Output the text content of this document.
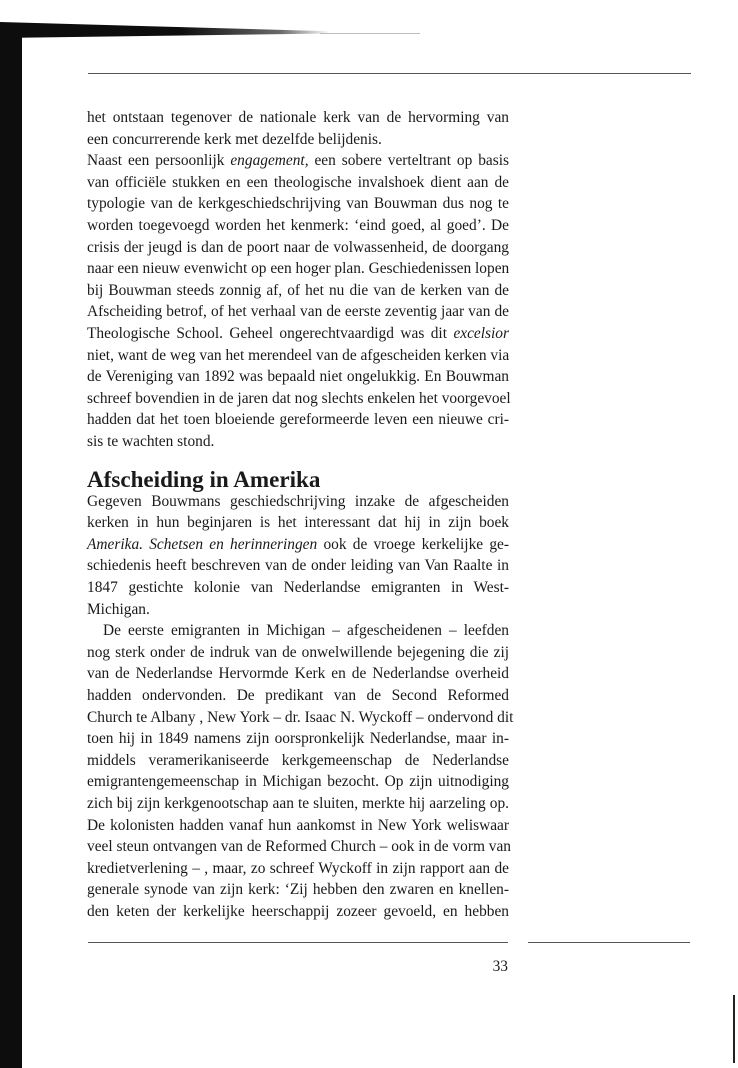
het ontstaan tegenover de nationale kerk van de hervorming van
een concurrerende kerk met dezelfde belijdenis.

Naast een persoonlijk engagement, een sobere verteltrant op basis
van officiële stukken en een theologische invalshoek dient aan de
typologie van de kerkgeschiedschrijving van Bouwman dus nog te
worden toegevoegd worden het kenmerk: ‘eind goed, al goed’. De
crisis der jeugd is dan de poort naar de volwassenheid, de doorgang
naar een nieuw evenwicht op een hoger plan. Geschiedenissen lopen
bij Bouwman steeds zonnig af, of het nu die van de kerken van de
Afscheiding betrof, of het verhaal van de eerste zeventig jaar van de
Theologische School. Geheel ongerechtvaardigd was dit excelsior
niet, want de weg van het merendeel van de afgescheiden kerken via
de Vereniging van 1892 was bepaald niet ongelukkig. En Bouwman
schreef bovendien in de jaren dat nog slechts enkelen het voorgevoel
hadden dat het toen bloeiende gereformeerde leven een nieuwe cri-
sis te wachten stond.

Afscheiding in Amerika

Gegeven Bouwmans geschiedschrijving inzake de afgescheiden
kerken in hun beginjaren is het interessant dat hij in zijn boek
Amerika. Schetsen en herinneringen ook de vroege kerkelijke ge-
schiedenis heeft beschreven van de onder leiding van Van Raalte in
1847 gestichte kolonie van Nederlandse emigranten in West-
Michigan.

De eerste emigranten in Michigan – afgescheidenen – leefden
nog sterk onder de indruk van de onwelwillende bejegening die zij
van de Nederlandse Hervormde Kerk en de Nederlandse overheid
hadden ondervonden. De predikant van de Second Reformed
Church te Albany , New York – dr. Isaac N. Wyckoff – ondervond dit
toen hij in 1849 namens zijn oorspronkelijk Nederlandse, maar in-
middels veramerikaniseerde kerkgemeenschap de Nederlandse
emigrantengemeenschap in Michigan bezocht. Op zijn uitnodiging
zich bij zijn kerkgenootschap aan te sluiten, merkte hij aarzeling op.
De kolonisten hadden vanaf hun aankomst in New York weliswaar
veel steun ontvangen van de Reformed Church – ook in de vorm van
kredietverlening – , maar, zo schreef Wyckoff in zijn rapport aan de
generale synode van zijn kerk: ‘Zij hebben den zwaren en knellen-
den keten der kerkelijke heerschappij zozeer gevoeld, en hebben

33
